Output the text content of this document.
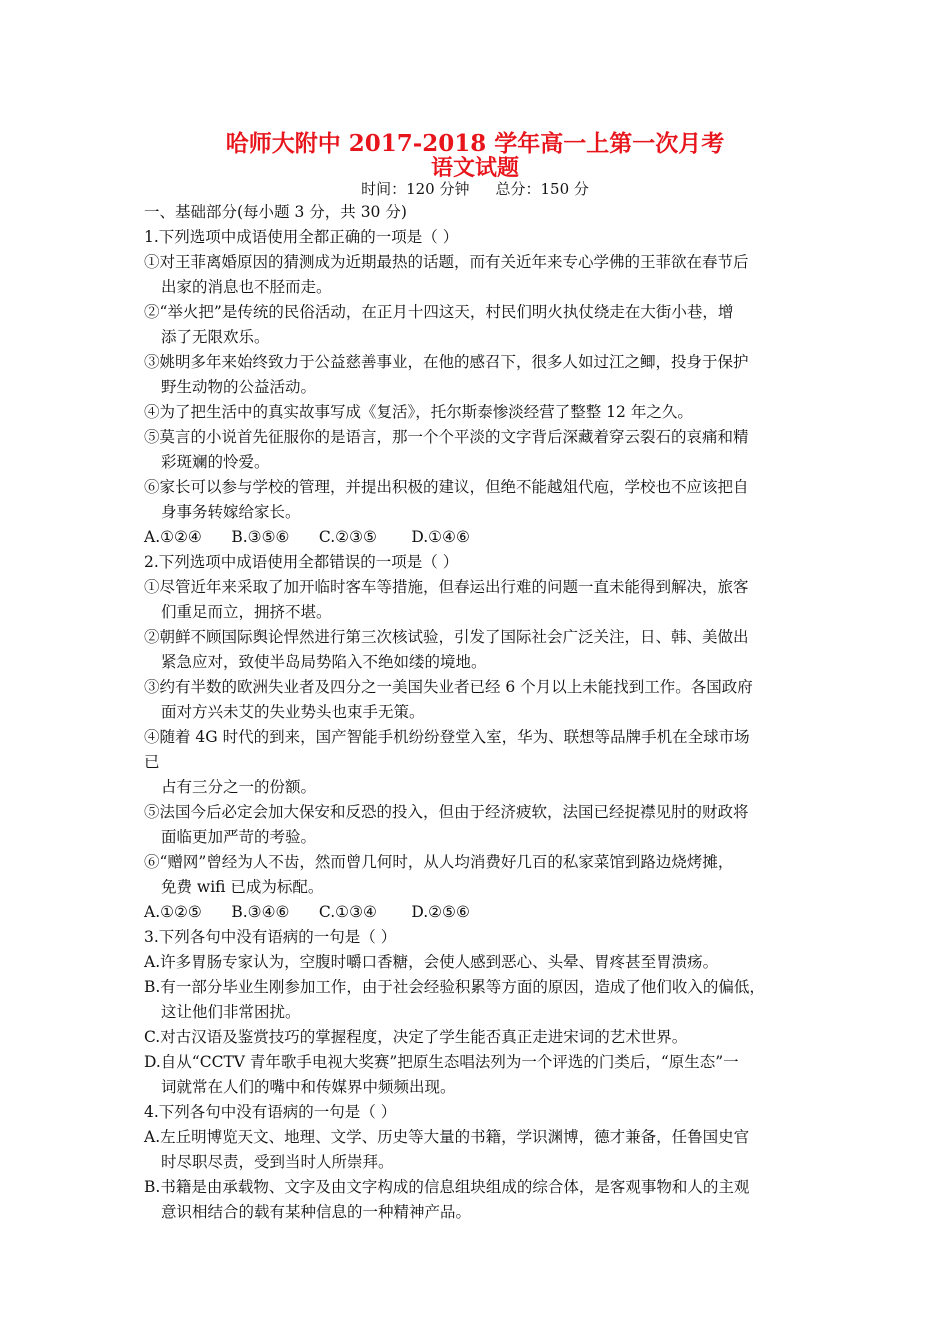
哈师大附中 2017-2018 学年高一上第一次月考
语文试题
时间：120 分钟 总分：150 分

一、基础部分(每小题 3 分，共 30 分)

1.下列选项中成语使用全都正确的一项是（ ）

①对王菲离婚原因的猜测成为近期最热的话题，而有关近年来专心学佛的王菲欲在春节后

出家的消息也不胫而走。

②“举火把”是传统的民俗活动，在正月十四这天，村民们明火执仗绕走在大街小巷，增

添了无限欢乐。

③姚明多年来始终致力于公益慈善事业，在他的感召下，很多人如过江之鲫，投身于保护

野生动物的公益活动。

④为了把生活中的真实故事写成《复活》，托尔斯泰惨淡经营了整整 12 年之久。

⑤莫言的小说首先征服你的是语言，那一个个平淡的文字背后深藏着穿云裂石的哀痛和精

彩斑斓的怜爱。

⑥家长可以参与学校的管理，并提出积极的建议，但绝不能越俎代庖，学校也不应该把自

身事务转嫁给家长。

A.①②④      B.③⑤⑥      C.②③⑤       D.①④⑥

2.下列选项中成语使用全都错误的一项是（ ）

①尽管近年来采取了加开临时客车等措施，但春运出行难的问题一直未能得到解决，旅客

们重足而立，拥挤不堪。

②朝鲜不顾国际舆论悍然进行第三次核试验，引发了国际社会广泛关注，日、韩、美做出

紧急应对，致使半岛局势陷入不绝如缕的境地。

③约有半数的欧洲失业者及四分之一美国失业者已经 6 个月以上未能找到工作。各国政府

面对方兴未艾的失业势头也束手无策。

④随着 4G 时代的到来，国产智能手机纷纷登堂入室，华为、联想等品牌手机在全球市场

已

占有三分之一的份额。

⑤法国今后必定会加大保安和反恐的投入，但由于经济疲软，法国已经捉襟见肘的财政将

面临更加严苛的考验。

⑥“赠网”曾经为人不齿，然而曾几何时，从人均消费好几百的私家菜馆到路边烧烤摊，

免费 wifi 已成为标配。

A.①②⑤      B.③④⑥      C.①③④       D.②⑤⑥

3.下列各句中没有语病的一句是（ ）

A.许多胃肠专家认为，空腹时嚼口香糖，会使人感到恶心、头晕、胃疼甚至胃溃疡。

B.有一部分毕业生刚参加工作，由于社会经验积累等方面的原因，造成了他们收入的偏低，

这让他们非常困扰。

C.对古汉语及鉴赏技巧的掌握程度，决定了学生能否真正走进宋词的艺术世界。

D.自从“CCTV 青年歌手电视大奖赛”把原生态唱法列为一个评选的门类后，“原生态”一

词就常在人们的嘴中和传媒界中频频出现。

4.下列各句中没有语病的一句是（ ）

A.左丘明博览天文、地理、文学、历史等大量的书籍，学识渊博，德才兼备，任鲁国史官

时尽职尽责，受到当时人所崇拜。

B.书籍是由承载物、文字及由文字构成的信息组块组成的综合体，是客观事物和人的主观

意识相结合的载有某种信息的一种精神产品。
